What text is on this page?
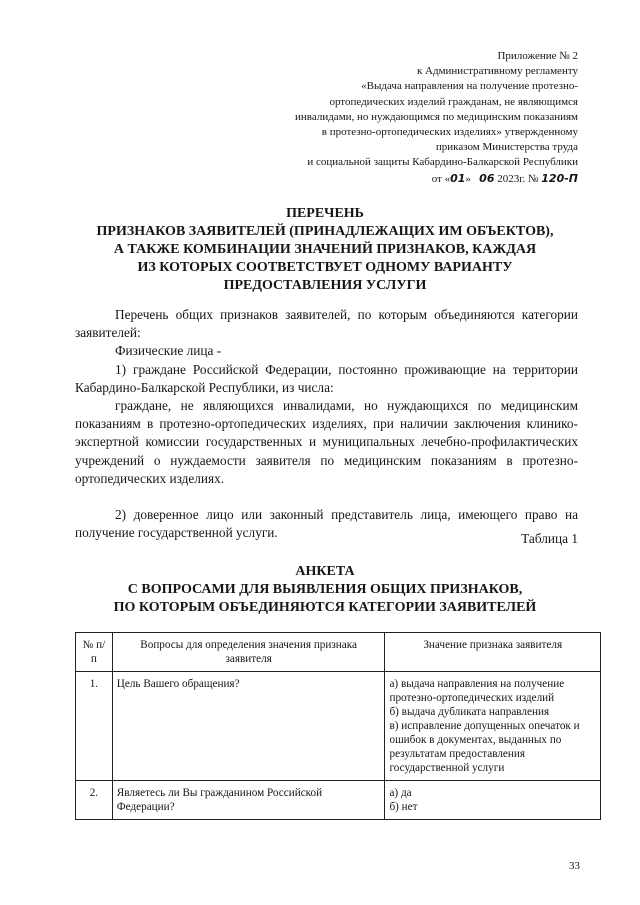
Приложение № 2
к Административному регламенту
«Выдача направления на получение протезно-
ортопедических изделий гражданам, не являющимся
инвалидами, но нуждающимся по медицинским показаниям
в протезно-ортопедических изделиях» утвержденному
приказом Министерства труда
и социальной защиты Кабардино-Балкарской Республики
от «01»   06 2023г. № 120-П
ПЕРЕЧЕНЬ
ПРИЗНАКОВ ЗАЯВИТЕЛЕЙ (ПРИНАДЛЕЖАЩИХ ИМ ОБЪЕКТОВ),
А ТАКЖЕ КОМБИНАЦИИ ЗНАЧЕНИЙ ПРИЗНАКОВ, КАЖДАЯ
ИЗ КОТОРЫХ СООТВЕТСТВУЕТ ОДНОМУ ВАРИАНТУ
ПРЕДОСТАВЛЕНИЯ УСЛУГИ

Перечень общих признаков заявителей, по которым объединяются категории заявителей:

Физические лица -

1) граждане Российской Федерации, постоянно проживающие на территории Кабардино-Балкарской Республики, из числа:

граждане, не являющихся инвалидами, но нуждающихся по медицинским показаниям в протезно-ортопедических изделиях, при наличии заключения клинико-экспертной комиссии государственных и муниципальных лечебно-профилактических учреждений о нуждаемости заявителя по медицинским показаниям в протезно-ортопедических изделиях.

2) доверенное лицо или законный представитель лица, имеющего право на получение государственной услуги.	Таблица 1
АНКЕТА
С ВОПРОСАМИ ДЛЯ ВЫЯВЛЕНИЯ ОБЩИХ ПРИЗНАКОВ,
ПО КОТОРЫМ ОБЪЕДИНЯЮТСЯ КАТЕГОРИИ ЗАЯВИТЕЛЕЙ
№ п/п	Вопросы для определения значения признака заявителя	Значение признака заявителя
1.	Цель Вашего обращения?	а) выдача направления на получение протезно-ортопедических изделий
б) выдача дубликата направления
в) исправление допущенных опечаток и ошибок в документах, выданных по результатам предоставления государственной услуги

2.	Являетесь ли Вы гражданином Российской Федерации?	а) да
б) нет
33
